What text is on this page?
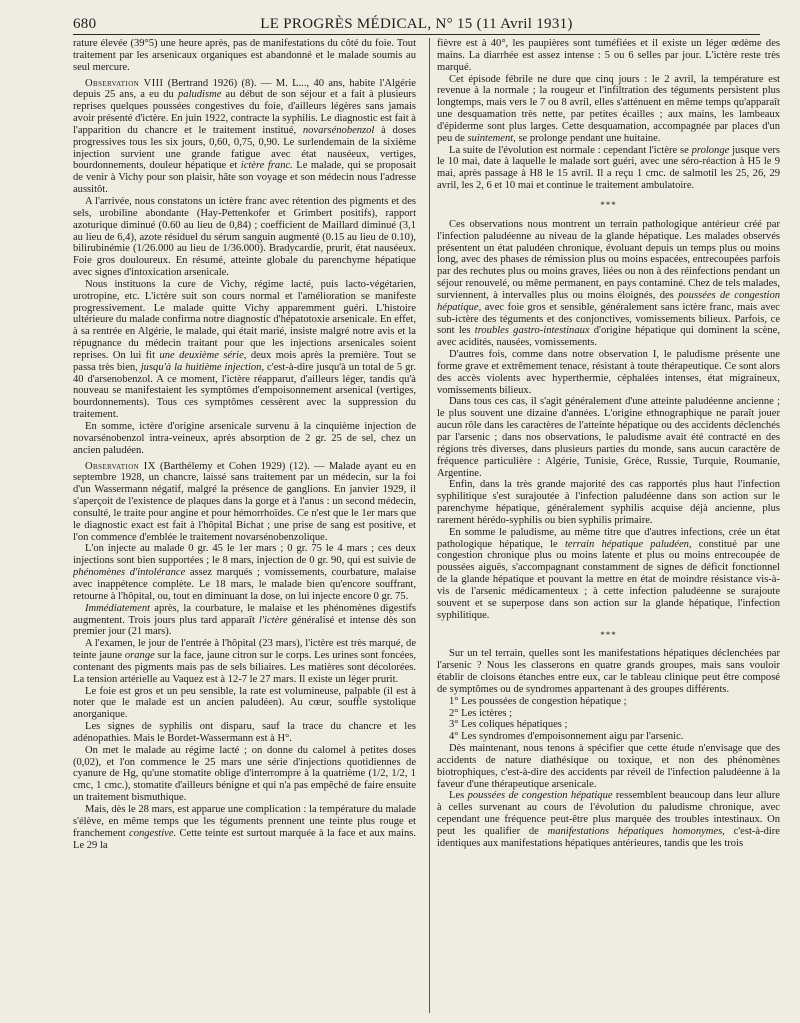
680	LE PROGRÈS MÉDICAL, N° 15 (11 Avril 1931)

rature élevée (39°5) une heure après, pas de manifestations du côté du foie. Tout traitement par les arsenicaux organiques est abandonné et le malade soumis au seul mercure.

Observation VIII (Bertrand 1926) (8). — M. L..., 40 ans, habite l'Algérie depuis 25 ans, a eu du paludisme au début de son séjour et a fait à plusieurs reprises quelques poussées congestives du foie, d'ailleurs légères sans jamais avoir présenté d'ictère. En juin 1922, contracte la syphilis. Le diagnostic est fait à l'apparition du chancre et le traitement institué, novarsénobenzol à doses progressives tous les six jours, 0,60, 0,75, 0,90. Le surlendemain de la sixième injection survient une grande fatigue avec état nauséeux, vertiges, bourdonnements, douleur hépatique et ictère franc. Le malade, qui se proposait de venir à Vichy pour son plaisir, hâte son voyage et son médecin nous l'adresse aussitôt.

A l'arrivée, nous constatons un ictère franc avec rétention des pigments et des sels, urobiline abondante (Hay-Pettenkofer et Grimbert positifs), rapport azoturique diminué (0.60 au lieu de 0,84) ; coefficient de Maillard diminué (3,1 au lieu de 6,4), azote résiduel du sérum sanguin augmenté (0.15 au lieu de 0.10), bilirubinémie (1/26.000 au lieu de 1/36.000). Bradycardie, prurit, état nauséeux. Foie gros douloureux. En résumé, atteinte globale du parenchyme hépatique avec signes d'intoxication arsenicale.

Nous instituons la cure de Vichy, régime lacté, puis lacto-végétarien, urotropine, etc. L'ictère suit son cours normal et l'amélioration se manifeste progressivement. Le malade quitte Vichy apparemment guéri. L'histoire ultérieure du malade confirma notre diagnostic d'hépatotoxie arsenicale. En effet, à sa rentrée en Algérie, le malade, qui était marié, insiste malgré notre avis et la répugnance du médecin traitant pour que les injections arsenicales soient reprises. On lui fit une deuxième série, deux mois après la première. Tout se passa très bien, jusqu'à la huitième injection, c'est-à-dire jusqu'à un total de 5 gr. 40 d'arsenobenzol. A ce moment, l'ictère réapparut, d'ailleurs léger, tandis qu'à nouveau se manifestaient les symptômes d'empoisonnement arsenical (vertiges, bourdonnements). Tous ces symptômes cessèrent avec la suppression du traitement.

En somme, ictère d'origine arsenicale survenu à la cinquième injection de novarsénobenzol intra-veineux, après absorption de 2 gr. 25 de sel, chez un ancien paludéen.

Observation IX (Barthélemy et Cohen 1929) (12). — Malade ayant eu en septembre 1928, un chancre, laissé sans traitement par un médecin, sur la foi d'un Wassermann négatif, malgré la présence de ganglions. En janvier 1929, il s'aperçoit de l'existence de plaques dans la gorge et à l'anus : un second médecin, consulté, le traite pour angine et pour hémorrhoïdes. Ce n'est que le 1er mars que le diagnostic exact est fait à l'hôpital Bichat ; une prise de sang est positive, et l'on commence d'emblée le traitement novarsénobenzolique.

L'on injecte au malade 0 gr. 45 le 1er mars ; 0 gr. 75 le 4 mars ; ces deux injections sont bien supportées ; le 8 mars, injection de 0 gr. 90, qui est suivie de phénomènes d'intolérance assez marqués ; vomissements, courbature, malaise avec inappétence complète. Le 18 mars, le malade bien qu'encore souffrant, retourne à l'hôpital, ou, tout en diminuant la dose, on lui injecte encore 0 gr. 75.

Immédiatement après, la courbature, le malaise et les phénomènes digestifs augmentent. Trois jours plus tard apparaît l'ictère généralisé et intense dès son premier jour (21 mars).

A l'examen, le jour de l'entrée à l'hôpital (23 mars), l'ictère est très marqué, de teinte jaune orange sur la face, jaune citron sur le corps. Les urines sont foncées, contenant des pigments mais pas de sels biliaires. Les matières sont décolorées. La tension artérielle au Vaquez est à 12-7 le 27 mars. Il existe un léger prurit.

Le foie est gros et un peu sensible, la rate est volumineuse, palpable (il est à noter que le malade est un ancien paludéen). Au cœur, souffle systolique anorganique.

Les signes de syphilis ont disparu, sauf la trace du chancre et les adénopathies. Mais le Bordet-Wassermann est à H°.

On met le malade au régime lacté ; on donne du calomel à petites doses (0,02), et l'on commence le 25 mars une série d'injections quotidiennes de cyanure de Hg, qu'une stomatite oblige d'interrompre à la quatrième (1/2, 1/2, 1 cmc, 1 cmc.), stomatite d'ailleurs bénigne et qui n'a pas empêché de faire ensuite un traitement bismuthique.

Mais, dès le 28 mars, est apparue une complication : la température du malade s'élève, en même temps que les téguments prennent une teinte plus rouge et franchement congestive. Cette teinte est surtout marquée à la face et aux mains. Le 29 la

fièvre est à 40°, les paupières sont tuméfiées et il existe un léger œdème des mains. La diarrhée est assez intense : 5 ou 6 selles par jour. L'ictère reste très marqué.

Cet épisode fébrile ne dure que cinq jours : le 2 avril, la température est revenue à la normale ; la rougeur et l'infiltration des téguments persistent plus longtemps, mais vers le 7 ou 8 avril, elles s'atténuent en même temps qu'apparaît une desquamation très nette, par petites écailles ; aux mains, les lambeaux d'épiderme sont plus larges. Cette desquamation, accompagnée par places d'un peu de suintement, se prolonge pendant une huitaine.

La suite de l'évolution est normale : cependant l'ictère se prolonge jusque vers le 10 mai, date à laquelle le malade sort guéri, avec une séro-réaction à H5 le 9 mai, après passage à H8 le 15 avril. Il a reçu 1 cmc. de salmotil les 25, 26, 29 avril, les 2, 6 et 10 mai et continue le traitement ambulatoire.

***

Ces observations nous montrent un terrain pathologique antérieur créé par l'infection paludéenne au niveau de la glande hépatique. Les malades observés présentent un état paludéen chronique, évoluant depuis un temps plus ou moins long, avec des phases de rémission plus ou moins espacées, entrecoupées parfois par des rechutes plus ou moins graves, liées ou non à des réinfections pendant un séjour renouvelé, ou même permanent, en pays contaminé. Chez de tels malades, surviennent, à intervalles plus ou moins éloignés, des poussées de congestion hépatique, avec foie gros et sensible, généralement sans ictère franc, mais avec sub-ictère des téguments et des conjonctives, vomissements bilieux. Parfois, ce sont les troubles gastro-intestinaux d'origine hépatique qui dominent la scène, avec acidités, nausées, vomissements.

D'autres fois, comme dans notre observation I, le paludisme présente une forme grave et extrêmement tenace, résistant à toute thérapeutique. Ce sont alors des accès violents avec hyperthermie, céphalées intenses, état migraineux, vomissements bilieux.

Dans tous ces cas, il s'agit généralement d'une atteinte paludéenne ancienne ; le plus souvent une dizaine d'années. L'origine ethnographique ne paraît jouer aucun rôle dans les caractères de l'atteinte hépatique ou des accidents déclenchés par l'arsenic ; dans nos observations, le paludisme avait été contracté en des régions très diverses, dans plusieurs parties du monde, sans aucun caractère de fréquence particulière : Algérie, Tunisie, Grèce, Russie, Turquie, Roumanie, Argentine.

Enfin, dans la très grande majorité des cas rapportés plus haut l'infection syphilitique s'est surajoutée à l'infection paludéenne dans son action sur le parenchyme hépatique, généralement syphilis acquise déjà ancienne, plus rarement hérédo-syphilis ou bien syphilis primaire.

En somme le paludisme, au même titre que d'autres infections, crée un état pathologique hépatique, le terrain hépatique paludéen, constitué par une congestion chronique plus ou moins latente et plus ou moins entrecoupée de poussées aiguës, s'accompagnant constamment de signes de déficit fonctionnel de la glande hépatique et pouvant la mettre en état de moindre résistance vis-à-vis de l'arsenic médicamenteux ; à cette infection paludéenne se surajoute souvent et se superpose dans son action sur la glande hépatique, l'infection syphilitique.

***

Sur un tel terrain, quelles sont les manifestations hépatiques déclenchées par l'arsenic ? Nous les classerons en quatre grands groupes, mais sans vouloir établir de cloisons étanches entre eux, car le tableau clinique peut être composé de symptômes ou de syndromes appartenant à des groupes différents.

1° Les poussées de congestion hépatique ;

2° Les ictères ;

3° Les coliques hépatiques ;

4° Les syndromes d'empoisonnement aigu par l'arsenic.

Dès maintenant, nous tenons à spécifier que cette étude n'envisage que des accidents de nature diathésique ou toxique, et non des phénomènes biotrophiques, c'est-à-dire des accidents par réveil de l'infection paludéenne à la faveur d'une thérapeutique arsenicale.

Les poussées de congestion hépatique ressemblent beaucoup dans leur allure à celles survenant au cours de l'évolution du paludisme chronique, avec cependant une fréquence peut-être plus marquée des troubles intestinaux. On peut les qualifier de manifestations hépatiques homonymes, c'est-à-dire identiques aux manifestations hépatiques antérieures, tandis que les trois
